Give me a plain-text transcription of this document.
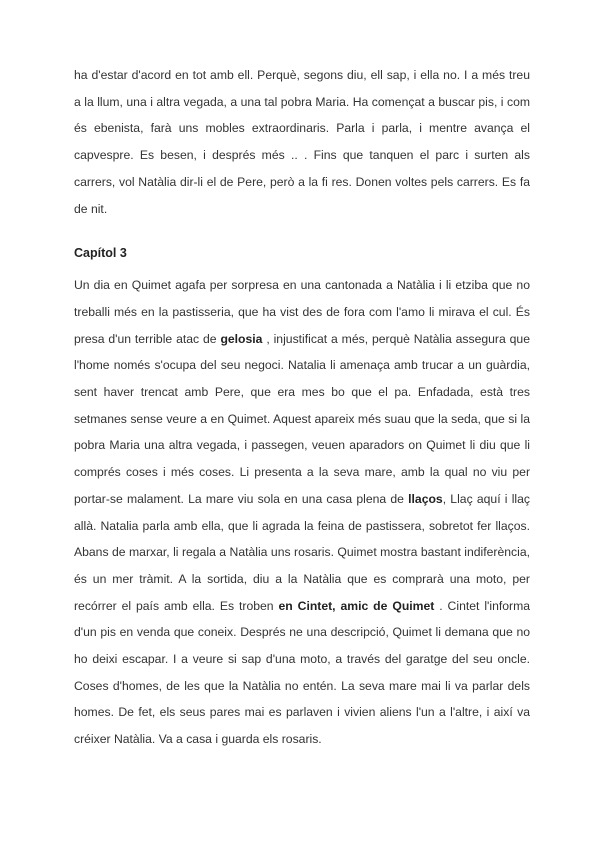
ha d'estar d'acord en tot amb ell. Perquè, segons diu, ell sap, i ella no. I a més treu a la llum, una i altra vegada, a una tal pobra Maria. Ha començat a buscar pis, i com és ebenista, farà uns mobles extraordinaris. Parla i parla, i mentre avança el capvespre. Es besen, i després més .. . Fins que tanquen el parc i surten als carrers, vol Natàlia dir-li el de Pere, però a la fi res. Donen voltes pels carrers. Es fa de nit.

Capítol 3

Un dia en Quimet agafa per sorpresa en una cantonada a Natàlia i li etziba que no treballi més en la pastisseria, que ha vist des de fora com l'amo li mirava el cul. És presa d'un terrible atac de gelosia , injustificat a més, perquè Natàlia assegura que l'home només s'ocupa del seu negoci. Natalia li amenaça amb trucar a un guàrdia, sent haver trencat amb Pere, que era mes bo que el pa. Enfadada, està tres setmanes sense veure a en Quimet. Aquest apareix més suau que la seda, que si la pobra Maria una altra vegada, i passegen, veuen aparadors on Quimet li diu que li comprés coses i més coses. Li presenta a la seva mare, amb la qual no viu per portar-se malament. La mare viu sola en una casa plena de llaços, Llaç aquí i llaç allà. Natalia parla amb ella, que li agrada la feina de pastissera, sobretot fer llaços. Abans de marxar, li regala a Natàlia uns rosaris. Quimet mostra bastant indiferència, és un mer tràmit. A la sortida, diu a la Natàlia que es comprarà una moto, per recórrer el país amb ella. Es troben en Cintet, amic de Quimet . Cintet l'informa d'un pis en venda que coneix. Després ne una descripció, Quimet li demana que no ho deixi escapar. I a veure si sap d'una moto, a través del garatge del seu oncle. Coses d'homes, de les que la Natàlia no entén. La seva mare mai li va parlar dels homes. De fet, els seus pares mai es parlaven i vivien aliens l'un a l'altre, i així va créixer Natàlia. Va a casa i guarda els rosaris.
